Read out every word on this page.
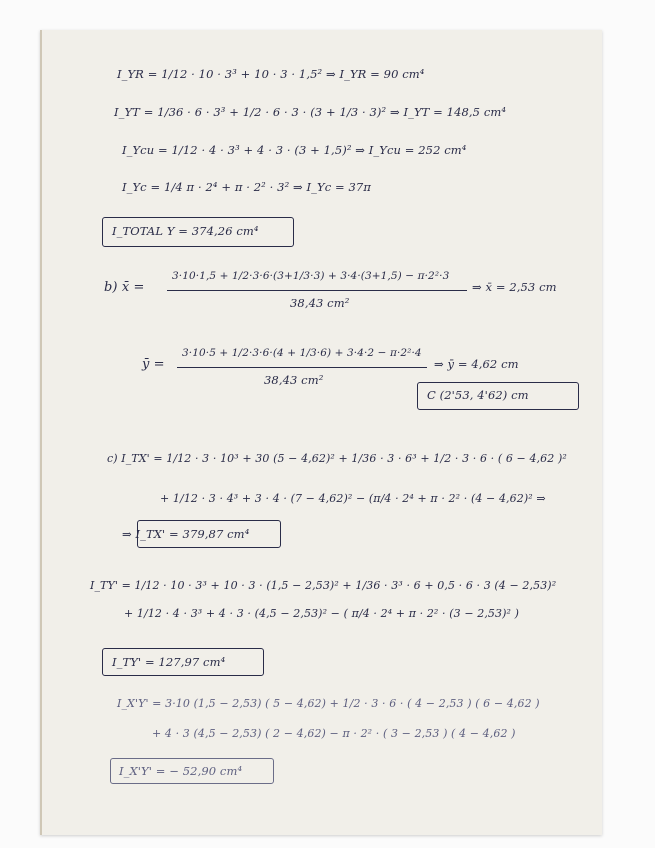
I_YR = 1/12 · 10 · 3³ + 10 · 3 · 1,5² ⇒ I_YR = 90 cm⁴
I_YT = 1/36 · 6 · 3³ + 1/2 · 6 · 3 · (3 + 1/3 · 3)² ⇒ I_YT = 148,5 cm⁴
I_Ycu = 1/12 · 4 · 3³ + 4 · 3 · (3 + 1,5)² ⇒ I_Ycu = 252 cm⁴
I_Yc = 1/4 π · 2⁴ + π · 2² · 3² ⇒ I_Yc = 37π
I_TOTAL Y = 374,26 cm⁴
b) x̄ =
3·10·1,5 + 1/2·3·6·(3+1/3·3) + 3·4·(3+1,5) − π·2²·3
38,43 cm²
⇒ x̄ = 2,53 cm
ȳ =
3·10·5 + 1/2·3·6·(4 + 1/3·6) + 3·4·2 − π·2²·4
38,43 cm²
⇒ ȳ = 4,62 cm
C (2'53, 4'62) cm
c) I_TX' = 1/12 · 3 · 10³ + 30 (5 − 4,62)² + 1/36 · 3 · 6³ + 1/2 · 3 · 6 · ( 6 − 4,62 )²
+ 1/12 · 3 · 4³ + 3 · 4 · (7 − 4,62)² − (π/4 · 2⁴ + π · 2² · (4 − 4,62)² ⇒
⇒ I_TX' = 379,87 cm⁴
I_TY' = 1/12 · 10 · 3³ + 10 · 3 · (1,5 − 2,53)² + 1/36 · 3³ · 6 + 0,5 · 6 · 3 (4 − 2,53)²
+ 1/12 · 4 · 3³ + 4 · 3 · (4,5 − 2,53)² − ( π/4 · 2⁴ + π · 2² · (3 − 2,53)² )
I_TY' = 127,97 cm⁴
I_X'Y' = 3·10 (1,5 − 2,53) ( 5 − 4,62) + 1/2 · 3 · 6 · ( 4 − 2,53 ) ( 6 − 4,62 )
+ 4 · 3 (4,5 − 2,53) ( 2 − 4,62) − π · 2² · ( 3 − 2,53 ) ( 4 − 4,62 )
I_X'Y' = − 52,90 cm⁴
